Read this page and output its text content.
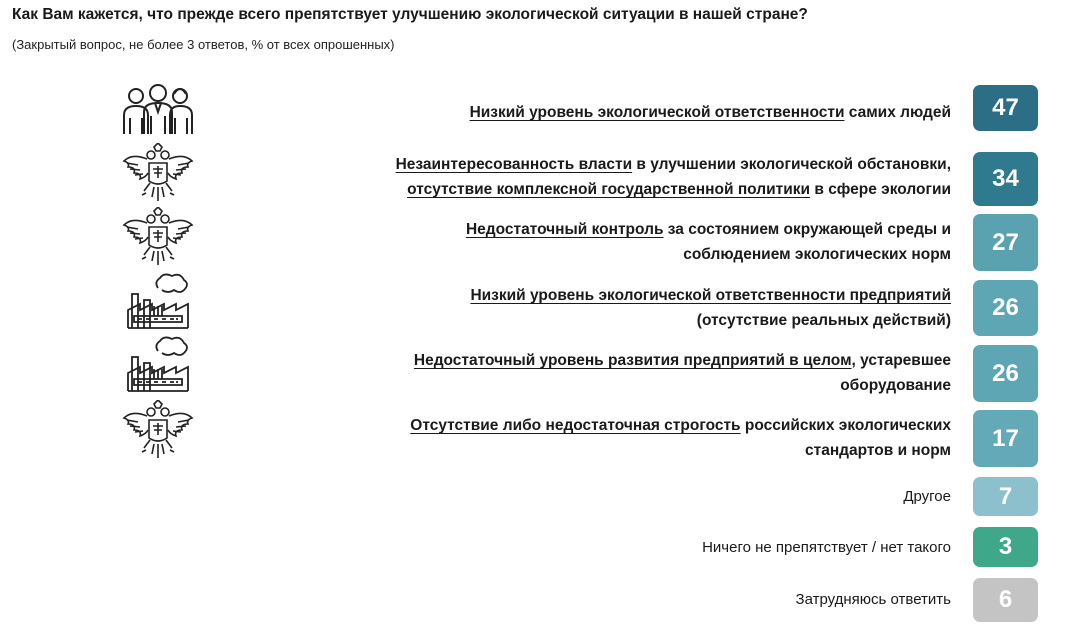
Как Вам кажется, что прежде всего препятствует улучшению экологической ситуации в нашей стране?
(Закрытый вопрос, не более 3 ответов, % от всех опрошенных)
Низкий уровень экологической ответственности самих людей	47
Незаинтересованность власти в улучшении экологической обстановки,
отсутствие комплексной государственной политики в сфере экологии	34
Недостаточный контроль за состоянием окружающей среды и
соблюдением экологических норм	27
Низкий уровень экологической ответственности предприятий
(отсутствие реальных действий)	26
Недостаточный уровень развития предприятий в целом, устаревшее
оборудование	26
Отсутствие либо недостаточная строгость российских экологических
стандартов и норм	17
Другое	7
Ничего не препятствует / нет такого	3
Затрудняюсь ответить	6
